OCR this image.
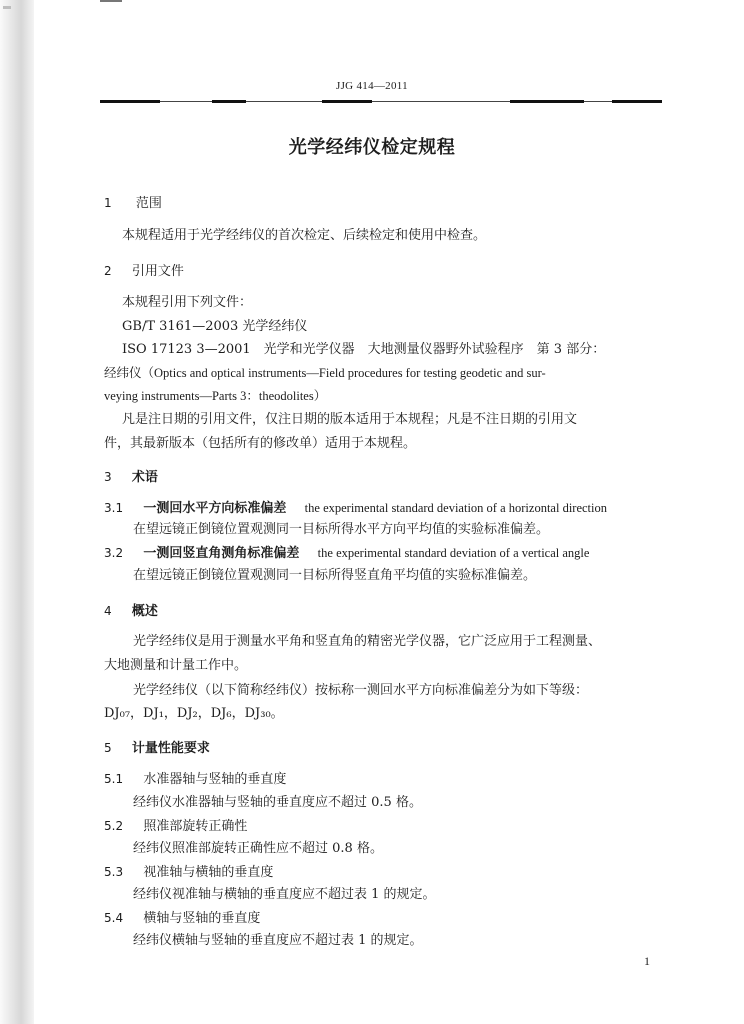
JJG 414—2011
光学经纬仪检定规程
1 范围
本规程适用于光学经纬仪的首次检定、后续检定和使用中检查。
2 引用文件
本规程引用下列文件：
GB/T 3161—2003 光学经纬仪
ISO 17123 3—2001　光学和光学仪器　大地测量仪器野外试验程序　第 3 部分：
经纬仪（Optics and optical instruments—Field procedures for testing geodetic and sur-
veying instruments—Parts 3：theodolites）
凡是注日期的引用文件，仅注日期的版本适用于本规程；凡是不注日期的引用文
件，其最新版本（包括所有的修改单）适用于本规程。
3 术语
3.1 一测回水平方向标准偏差 the experimental standard deviation of a horizontal direction
在望远镜正倒镜位置观测同一目标所得水平方向平均值的实验标准偏差。
3.2 一测回竖直角测角标准偏差 the experimental standard deviation of a vertical angle
在望远镜正倒镜位置观测同一目标所得竖直角平均值的实验标准偏差。
4 概述
光学经纬仪是用于测量水平角和竖直角的精密光学仪器，它广泛应用于工程测量、
大地测量和计量工作中。
光学经纬仪（以下简称经纬仪）按标称一测回水平方向标准偏差分为如下等级：
DJ₀₇，DJ₁，DJ₂，DJ₆，DJ₃₀。
5 计量性能要求
5.1 水准器轴与竖轴的垂直度
经纬仪水准器轴与竖轴的垂直度应不超过 0.5 格。
5.2 照准部旋转正确性
经纬仪照准部旋转正确性应不超过 0.8 格。
5.3 视准轴与横轴的垂直度
经纬仪视准轴与横轴的垂直度应不超过表 1 的规定。
5.4 横轴与竖轴的垂直度
经纬仪横轴与竖轴的垂直度应不超过表 1 的规定。
1
